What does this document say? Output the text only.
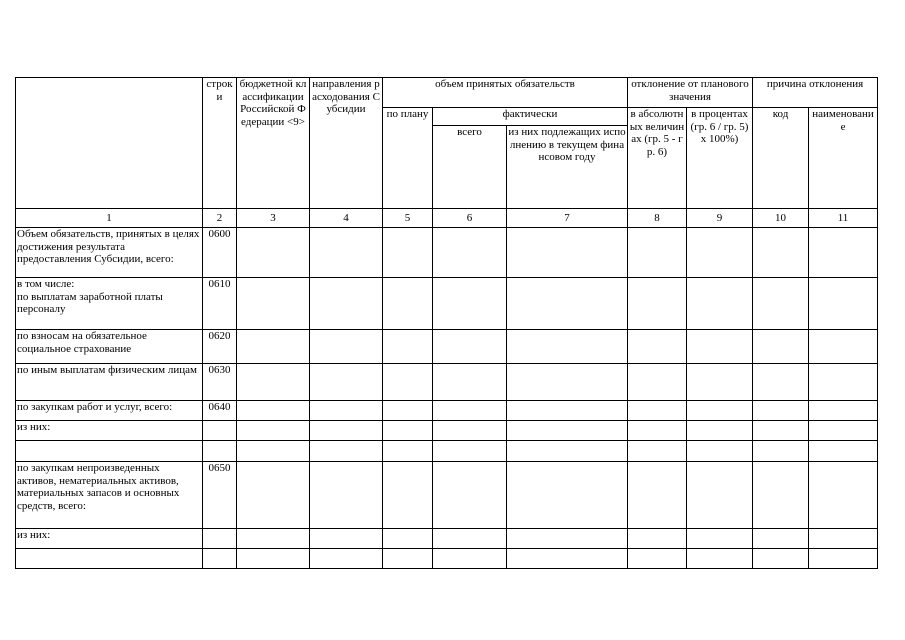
	строки	бюджетной классификации Российской Федерации <9>	направления расходования Субсидии	объем принятых обязательств			отклонение от планового значения		причина отклонения	
				по плану	фактически		в абсолютных величинах (гр. 5 - гр. 6)	в процентах (гр. 6 / гр. 5) x 100%)	код	наименование
					всего	из них подлежащих исполнению в текущем финансовом году				
1	2	3	4	5	6	7	8	9	10	11
Объем обязательств, принятых в целях достижения результата предоставления Субсидии, всего:	0600									
в том числе:
по выплатам заработной платы персоналу	0610									
по взносам на обязательное социальное страхование	0620									
по иным выплатам физическим лицам	0630									
по закупкам работ и услуг, всего:	0640									
из них:										

по закупкам непроизведенных активов, нематериальных активов, материальных запасов и основных средств, всего:	0650									
из них:										
